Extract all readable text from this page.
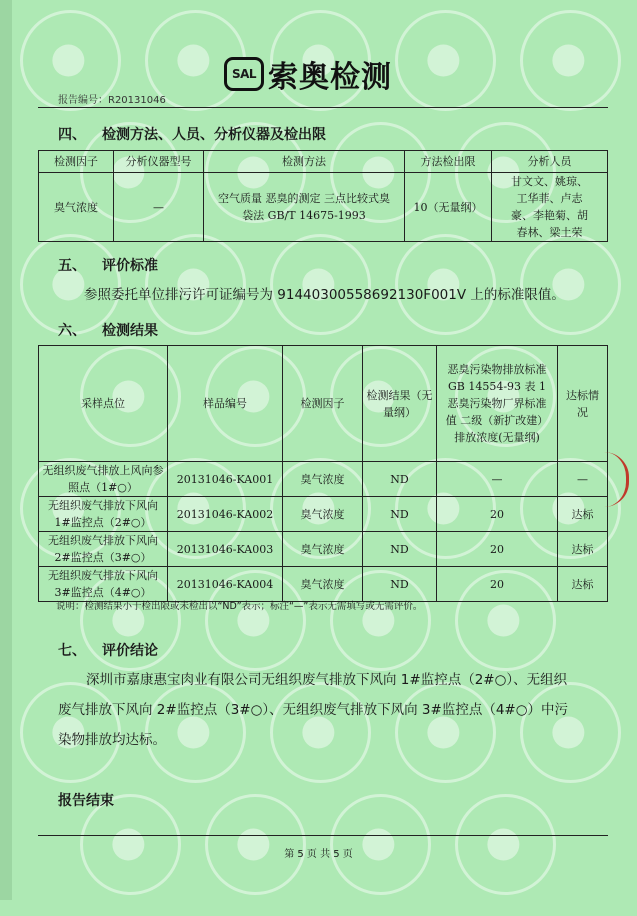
SAL 索奥检测
报告编号：R20131046
四、 检测方法、人员、分析仪器及检出限
检测因子	分析仪器型号	检测方法	方法检出限	分析人员
臭气浓度	—	空气质量 恶臭的测定 三点比较式臭袋法 GB/T 14675-1993	10（无量纲）	甘文文、姚琼、工华菲、卢志豪、李艳菊、胡春林、梁土荣
五、 评价标准
参照委托单位排污许可证编号为 91440300558692130F001V 上的标准限值。
六、 检测结果
采样点位	样品编号	检测因子	检测结果（无量纲）	恶臭污染物排放标准 GB 14554-93 表 1 恶臭污染物厂界标准值 二级（新扩改建）排放浓度(无量纲)	达标情况
无组织废气排放上风向参照点（1#○）	20131046-KA001	臭气浓度	ND	—	—
无组织废气排放下风向 1#监控点（2#○）	20131046-KA002	臭气浓度	ND	20	达标
无组织废气排放下风向 2#监控点（3#○）	20131046-KA003	臭气浓度	ND	20	达标
无组织废气排放下风向 3#监控点（4#○）	20131046-KA004	臭气浓度	ND	20	达标
说明：检测结果小于检出限或未检出以“ND”表示；标注“—”表示无需填写或无需评价。
七、 评价结论
深圳市嘉康惠宝肉业有限公司无组织废气排放下风向 1#监控点（2#○）、无组织废气排放下风向 2#监控点（3#○）、无组织废气排放下风向 3#监控点（4#○）中污染物排放均达标。
报告结束
第 5 页 共 5 页
